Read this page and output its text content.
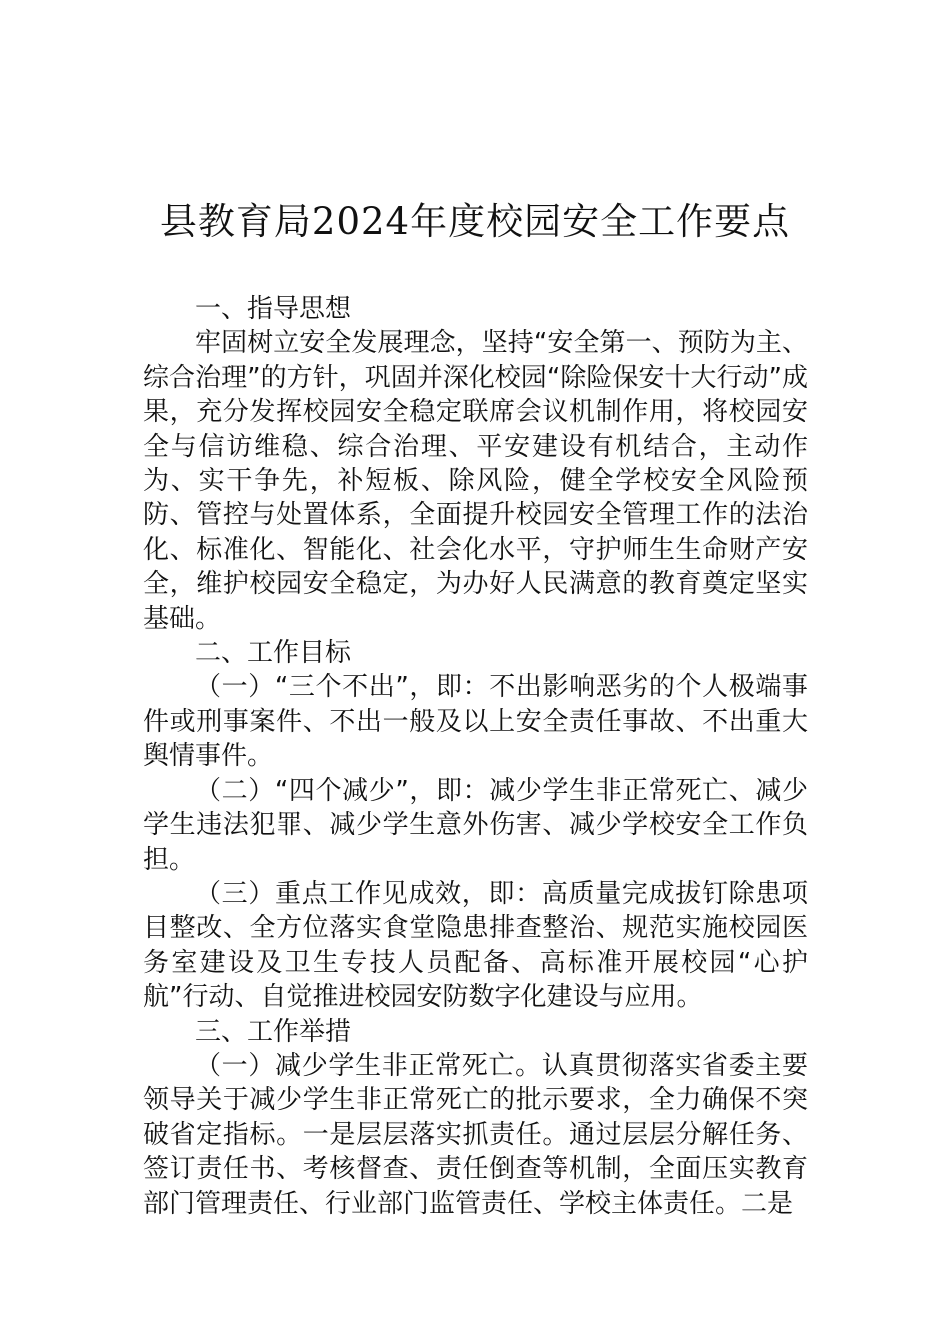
县教育局2024年度校园安全工作要点
一、指导思想
牢固树立安全发展理念，坚持“安全第一、预防为主、综合治理”的方针，巩固并深化校园“除险保安十大行动”成果，充分发挥校园安全稳定联席会议机制作用，将校园安全与信访维稳、综合治理、平安建设有机结合，主动作为、实干争先，补短板、除风险，健全学校安全风险预防、管控与处置体系，全面提升校园安全管理工作的法治化、标准化、智能化、社会化水平，守护师生生命财产安全，维护校园安全稳定，为办好人民满意的教育奠定坚实基础。
二、工作目标
（一）“三个不出”，即：不出影响恶劣的个人极端事件或刑事案件、不出一般及以上安全责任事故、不出重大舆情事件。
（二）“四个减少”，即：减少学生非正常死亡、减少学生违法犯罪、减少学生意外伤害、减少学校安全工作负担。
（三）重点工作见成效，即：高质量完成拔钉除患项目整改、全方位落实食堂隐患排查整治、规范实施校园医务室建设及卫生专技人员配备、高标准开展校园“心护航”行动、自觉推进校园安防数字化建设与应用。
三、工作举措
（一）减少学生非正常死亡。认真贯彻落实省委主要领导关于减少学生非正常死亡的批示要求，全力确保不突破省定指标。一是层层落实抓责任。通过层层分解任务、签订责任书、考核督查、责任倒查等机制，全面压实教育部门管理责任、行业部门监管责任、学校主体责任。二是
